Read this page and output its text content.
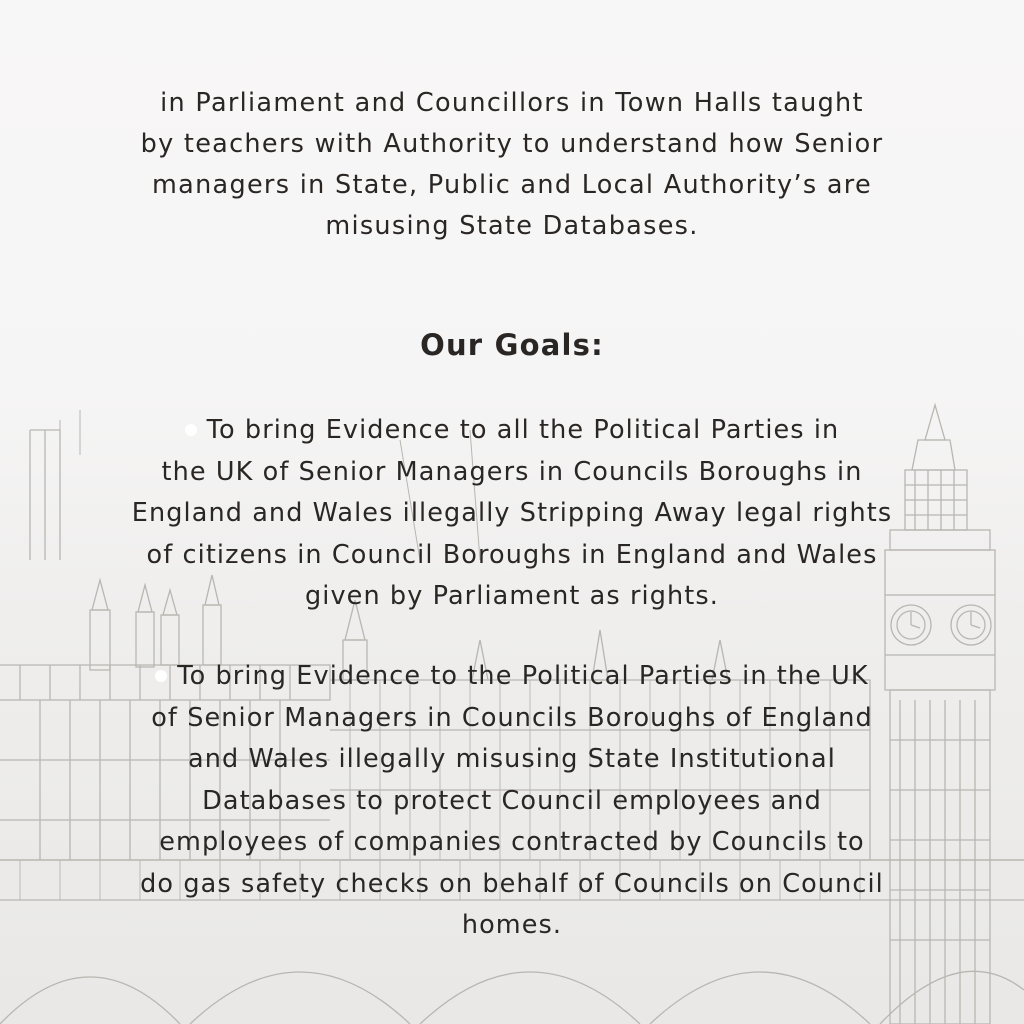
in Parliament and Councillors in Town Halls taught
by teachers with Authority to understand how Senior
managers in State, Public and Local Authority’s are
misusing State Databases.
Our Goals:
To bring Evidence to all the Political Parties in
the UK of Senior Managers in Councils Boroughs in
England and Wales illegally Stripping Away legal rights
of citizens in Council Boroughs in England and Wales
given by Parliament as rights.
To bring Evidence to the Political Parties in the UK
of Senior Managers in Councils Boroughs of England
and Wales illegally misusing State Institutional
Databases to protect Council employees and
employees of companies contracted by Councils to
do gas safety checks on behalf of Councils on Council
homes.
